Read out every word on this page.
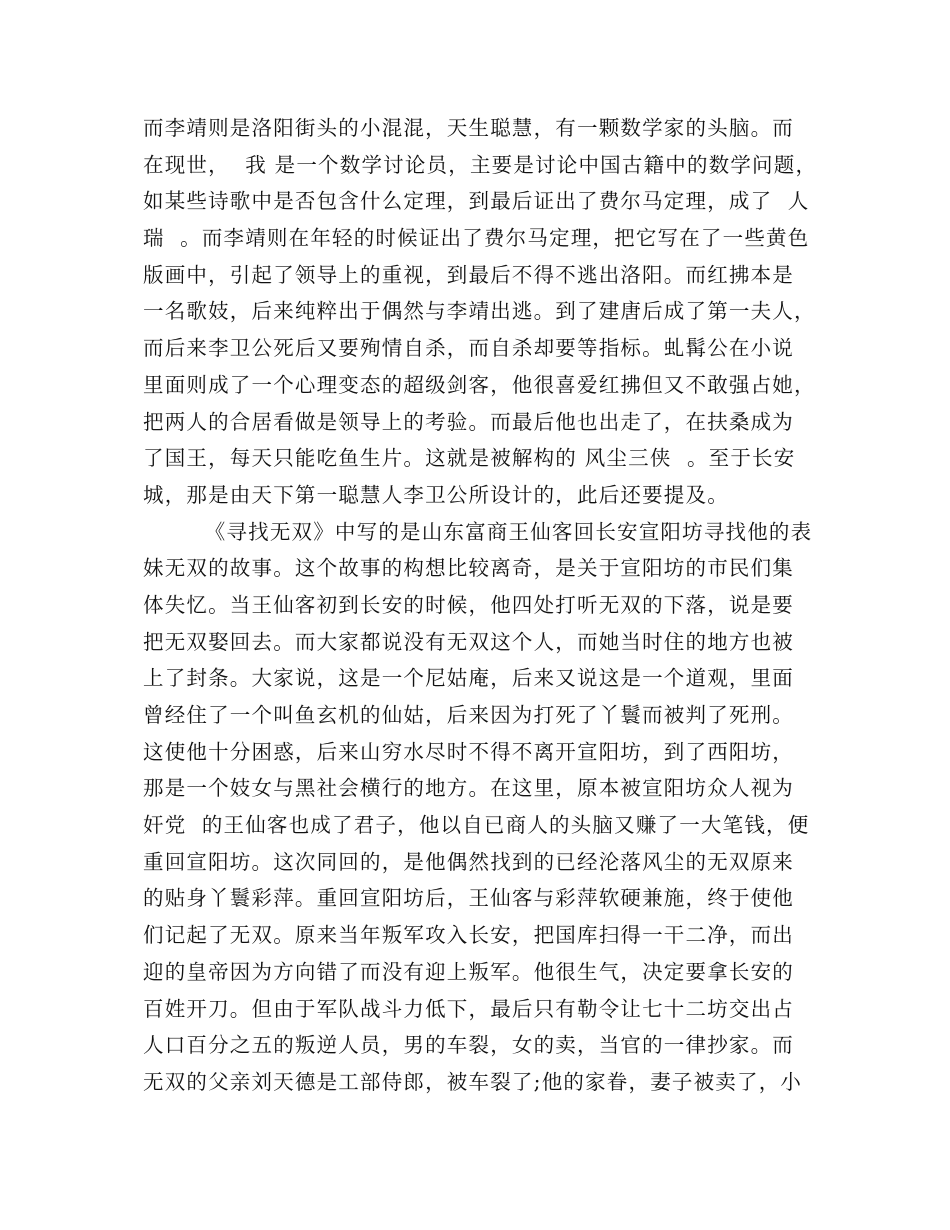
而李靖则是洛阳街头的小混混，天生聪慧，有一颗数学家的头脑。而
在现世，  我 是一个数学讨论员，主要是讨论中国古籍中的数学问题，
如某些诗歌中是否包含什么定理，到最后证出了费尔马定理，成了  人
瑞  。而李靖则在年轻的时候证出了费尔马定理，把它写在了一些黄色
版画中，引起了领导上的重视，到最后不得不逃出洛阳。而红拂本是
一名歌妓，后来纯粹出于偶然与李靖出逃。到了建唐后成了第一夫人，
而后来李卫公死后又要殉情自杀，而自杀却要等指标。虬髯公在小说
里面则成了一个心理变态的超级剑客，他很喜爱红拂但又不敢强占她，
把两人的合居看做是领导上的考验。而最后他也出走了，在扶桑成为
了国王，每天只能吃鱼生片。这就是被解构的 风尘三侠  。至于长安
城，那是由天下第一聪慧人李卫公所设计的，此后还要提及。
《寻找无双》中写的是山东富商王仙客回长安宣阳坊寻找他的表
妹无双的故事。这个故事的构想比较离奇，是关于宣阳坊的市民们集
体失忆。当王仙客初到长安的时候，他四处打听无双的下落，说是要
把无双娶回去。而大家都说没有无双这个人，而她当时住的地方也被
上了封条。大家说，这是一个尼姑庵，后来又说这是一个道观，里面
曾经住了一个叫鱼玄机的仙姑，后来因为打死了丫鬟而被判了死刑。
这使他十分困惑，后来山穷水尽时不得不离开宣阳坊，到了西阳坊，
那是一个妓女与黑社会横行的地方。在这里，原本被宣阳坊众人视为
奸党  的王仙客也成了君子，他以自已商人的头脑又赚了一大笔钱，便
重回宣阳坊。这次同回的，是他偶然找到的已经沦落风尘的无双原来
的贴身丫鬟彩萍。重回宣阳坊后，王仙客与彩萍软硬兼施，终于使他
们记起了无双。原来当年叛军攻入长安，把国库扫得一干二净，而出
迎的皇帝因为方向错了而没有迎上叛军。他很生气，决定要拿长安的
百姓开刀。但由于军队战斗力低下，最后只有勒令让七十二坊交出占
人口百分之五的叛逆人员，男的车裂，女的卖，当官的一律抄家。而
无双的父亲刘天德是工部侍郎，被车裂了;他的家眷，妻子被卖了，小
